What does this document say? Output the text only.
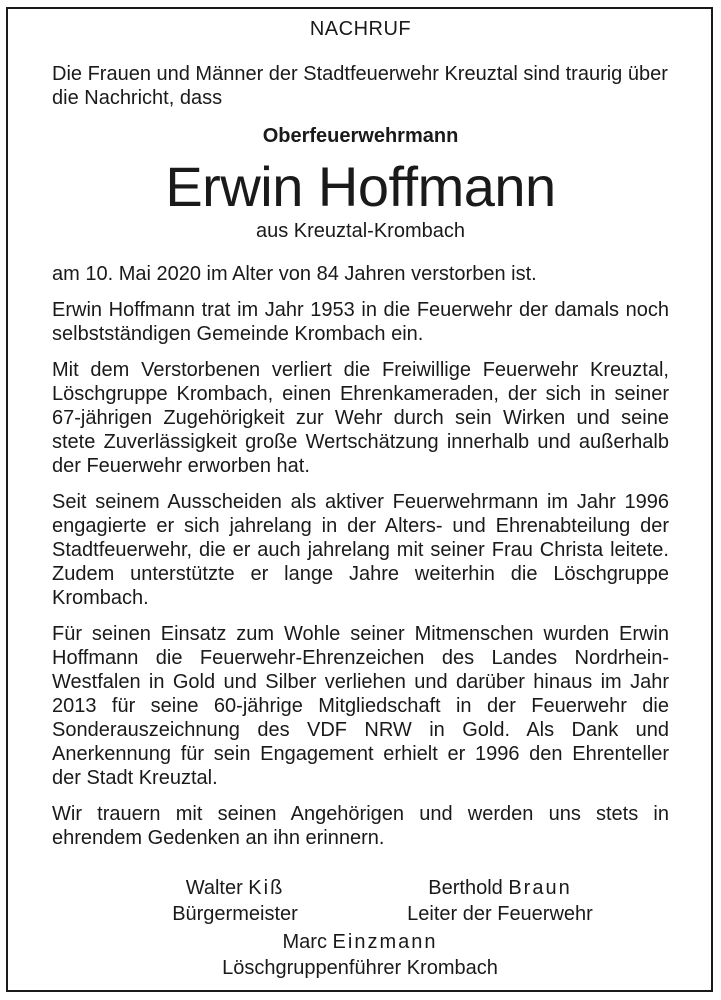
NACHRUF
Die Frauen und Männer der Stadtfeuerwehr Kreuztal sind traurig über die Nachricht, dass
Oberfeuerwehrmann
Erwin Hoffmann
aus Kreuztal-Krombach

am 10. Mai 2020 im Alter von 84 Jahren verstorben ist.

Erwin Hoffmann trat im Jahr 1953 in die Feuerwehr der damals noch selbstständigen Gemeinde Krombach ein.

Mit dem Verstorbenen verliert die Freiwillige Feuerwehr Kreuztal, Löschgruppe Krombach, einen Ehrenkameraden, der sich in seiner 67-jährigen Zugehörigkeit zur Wehr durch sein Wirken und seine stete Zuverlässigkeit große Wertschätzung innerhalb und außerhalb der Feuerwehr erworben hat.

Seit seinem Ausscheiden als aktiver Feuerwehrmann im Jahr 1996 engagierte er sich jahrelang in der Alters- und Ehrenabteilung der Stadtfeuerwehr, die er auch jahrelang mit seiner Frau Christa leitete. Zudem unterstützte er lange Jahre weiterhin die Löschgruppe Krombach.

Für seinen Einsatz zum Wohle seiner Mitmenschen wurden Erwin Hoffmann die Feuerwehr-Ehrenzeichen des Landes Nordrhein-Westfalen in Gold und Silber verliehen und darüber hinaus im Jahr 2013 für seine 60-jährige Mitgliedschaft in der Feuerwehr die Sonderauszeichnung des VDF NRW in Gold. Als Dank und Anerkennung für sein Engagement erhielt er 1996 den Ehrenteller der Stadt Kreuztal.

Wir trauern mit seinen Angehörigen und werden uns stets in ehrendem Gedenken an ihn erinnern.

Walter Kiß
Bürgermeister
Berthold Braun
Leiter der Feuerwehr
Marc Einzmann
Löschgruppenführer Krombach
